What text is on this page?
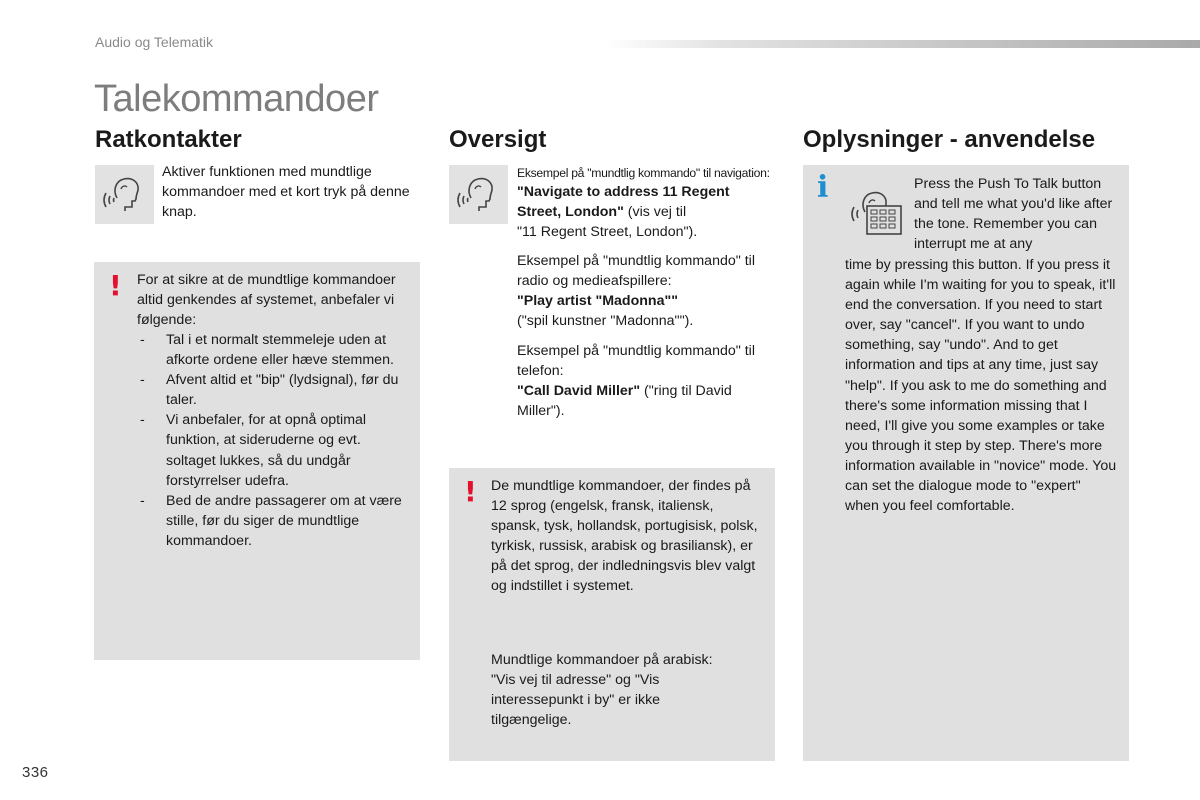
Audio og Telematik
Talekommandoer
Ratkontakter
Aktiver funktionen med mundtlige kommandoer med et kort tryk på denne knap.
! For at sikre at de mundtlige kommandoer altid genkendes af systemet, anbefaler vi følgende:
- Tal i et normalt stemmeleje uden at afkorte ordene eller hæve stemmen.
- Afvent altid et "bip" (lydsignal), før du taler.
- Vi anbefaler, for at opnå optimal funktion, at sideruderne og evt. soltaget lukkes, så du undgår forstyrrelser udefra.
- Bed de andre passagerer om at være stille, før du siger de mundtlige kommandoer.
Oversigt
Eksempel på "mundtlig kommando" til navigation:
"Navigate to address 11 Regent Street, London" (vis vej til
"11 Regent Street, London").
Eksempel på "mundtlig kommando" til radio og medieafspillere:
"Play artist "Madonna""
("spil kunstner "Madonna"").
Eksempel på "mundtlig kommando" til telefon:
"Call David Miller" ("ring til David Miller").
! De mundtlige kommandoer, der findes på 12 sprog (engelsk, fransk, italiensk, spansk, tysk, hollandsk, portugisisk, polsk, tyrkisk, russisk, arabisk og brasiliansk), er på det sprog, der indledningsvis blev valgt og indstillet i systemet.
Mundtlige kommandoer på arabisk: "Vis vej til adresse" og "Vis interessepunkt i by" er ikke tilgængelige.
Oplysninger - anvendelse
i	Press the Push To Talk button and tell me what you'd like after the tone. Remember you can interrupt me at any
time by pressing this button. If you press it again while I'm waiting for you to speak, it'll end the conversation. If you need to start over, say "cancel". If you want to undo something, say "undo". And to get information and tips at any time, just say "help". If you ask to me do something and there's some information missing that I need, I'll give you some examples or take you through it step by step. There's more information available in "novice" mode. You can set the dialogue mode to "expert" when you feel comfortable.
336
